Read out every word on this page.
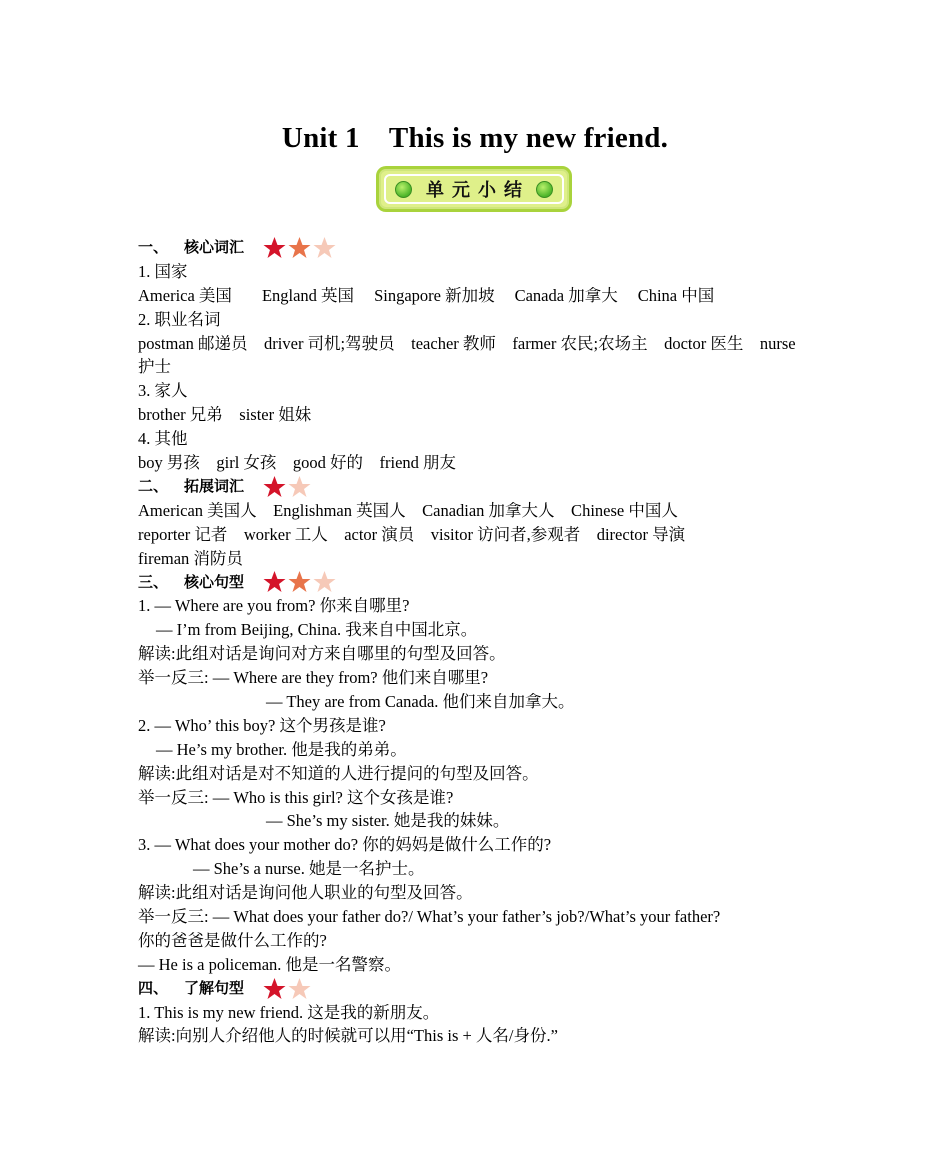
Unit 1    This is my new friend.
单元小结
一、	核心词汇
1. 国家
America 美国 England 英国 Singapore 新加坡 Canada 加拿大 China 中国
2. 职业名词
postman 邮递员    driver 司机;驾驶员    teacher 教师    farmer 农民;农场主    doctor 医生    nurse 护士
3. 家人
brother 兄弟    sister 姐妹
4. 其他
boy 男孩    girl 女孩    good 好的    friend 朋友
二、	拓展词汇
American 美国人    Englishman 英国人    Canadian 加拿大人    Chinese 中国人
reporter 记者    worker 工人    actor 演员    visitor 访问者,参观者    director 导演
fireman 消防员
三、	核心句型
1. — Where are you from? 你来自哪里?
— I’m from Beijing, China. 我来自中国北京。
解读:此组对话是询问对方来自哪里的句型及回答。
举一反三: — Where are they from? 他们来自哪里?
— They are from Canada. 他们来自加拿大。
2. — Who’ this boy? 这个男孩是谁?
— He’s my brother. 他是我的弟弟。
解读:此组对话是对不知道的人进行提问的句型及回答。
举一反三: — Who is this girl? 这个女孩是谁?
— She’s my sister. 她是我的妹妹。
3. — What does your mother do? 你的妈妈是做什么工作的?
— She’s a nurse. 她是一名护士。
解读:此组对话是询问他人职业的句型及回答。
举一反三: — What does your father do?/ What’s your father’s job?/What’s your father?
你的爸爸是做什么工作的?
— He is a policeman. 他是一名警察。
四、	了解句型
1. This is my new friend. 这是我的新朋友。
解读:向别人介绍他人的时候就可以用“This is + 人名/身份.”
